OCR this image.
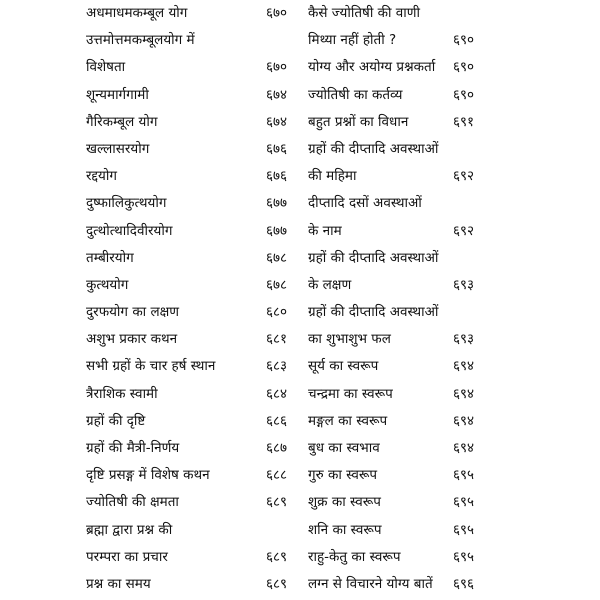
अधमाधमकम्बूल योग	६७०
उत्तमोत्तमकम्बूलयोग में
विशेषता	६७०
शून्यमार्गगामी	६७४
गैरिकम्बूल योग	६७४
खल्लासरयोग	६७६
रद्दयोग	६७६
दुष्फालिकुत्थयोग	६७७
दुत्थोत्थादिवीरयोग	६७७
तम्बीरयोग	६७८
कुत्थयोग	६७८
दुरफयोग का लक्षण	६८०
अशुभ प्रकार कथन	६८१
सभी ग्रहों के चार हर्ष स्थान	६८३
त्रैराशिक स्वामी	६८४
ग्रहों की दृष्टि	६८६
ग्रहों की मैत्री-निर्णय	६८७
दृष्टि प्रसङ्ग में विशेष कथन	६८८
ज्योतिषी की क्षमता	६८९
ब्रह्मा द्वारा प्रश्न की
परम्परा का प्रचार	६८९
प्रश्न का समय	६८९
कैसे ज्योतिषी की वाणी
मिथ्या नहीं होती ?	६९०
योग्य और अयोग्य प्रश्नकर्ता ६९०
ज्योतिषी का कर्तव्य	६९०
बहुत प्रश्नों का विधान	६९१
ग्रहों की दीप्तादि अवस्थाओं
की महिमा	६९२
दीप्तादि दसों अवस्थाओं
के नाम	६९२
ग्रहों की दीप्तादि अवस्थाओं
के लक्षण	६९३
ग्रहों की दीप्तादि अवस्थाओं
का शुभाशुभ फल	६९३
सूर्य का स्वरूप	६९४
चन्द्रमा का स्वरूप	६९४
मङ्गल का स्वरूप	६९४
बुध का स्वभाव	६९४
गुरु का स्वरूप	६९५
शुक्र का स्वरूप	६९५
शनि का स्वरूप	६९५
राहु-केतु का स्वरूप	६९५
लग्न से विचारने योग्य बातें ६९६
